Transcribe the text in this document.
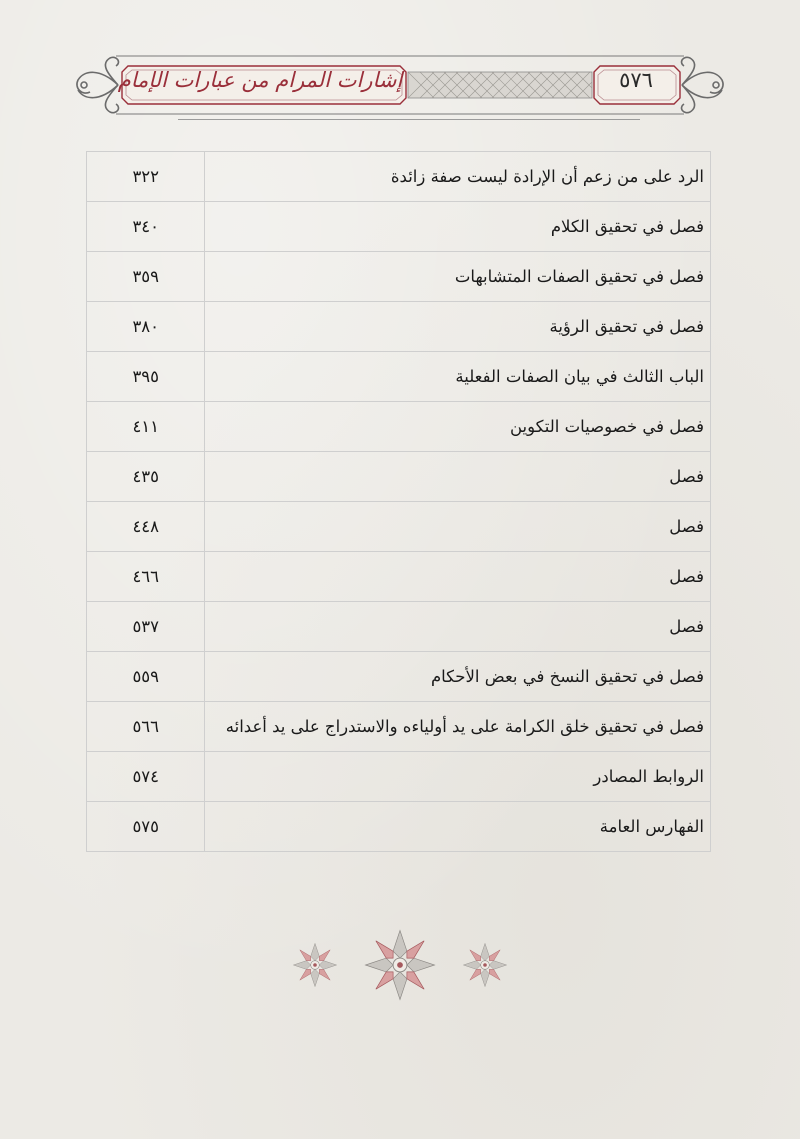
٥٧٦
إشارات المرام من عبارات الإمام
الرد على من زعم أن الإرادة ليست صفة زائدة	٣٢٢
فصل في تحقيق الكلام	٣٤٠
فصل في تحقيق الصفات المتشابهات	٣٥٩
فصل في تحقيق الرؤية	٣٨٠
الباب الثالث في بيان الصفات الفعلية	٣٩٥
فصل في خصوصيات التكوين	٤١١
فصل	٤٣٥
فصل	٤٤٨
فصل	٤٦٦
فصل	٥٣٧
فصل في تحقيق النسخ في بعض الأحكام	٥٥٩
فصل في تحقيق خلق الكرامة على يد أولياءه والاستدراج على يد أعدائه	٥٦٦
الروابط المصادر	٥٧٤
الفهارس العامة	٥٧٥
